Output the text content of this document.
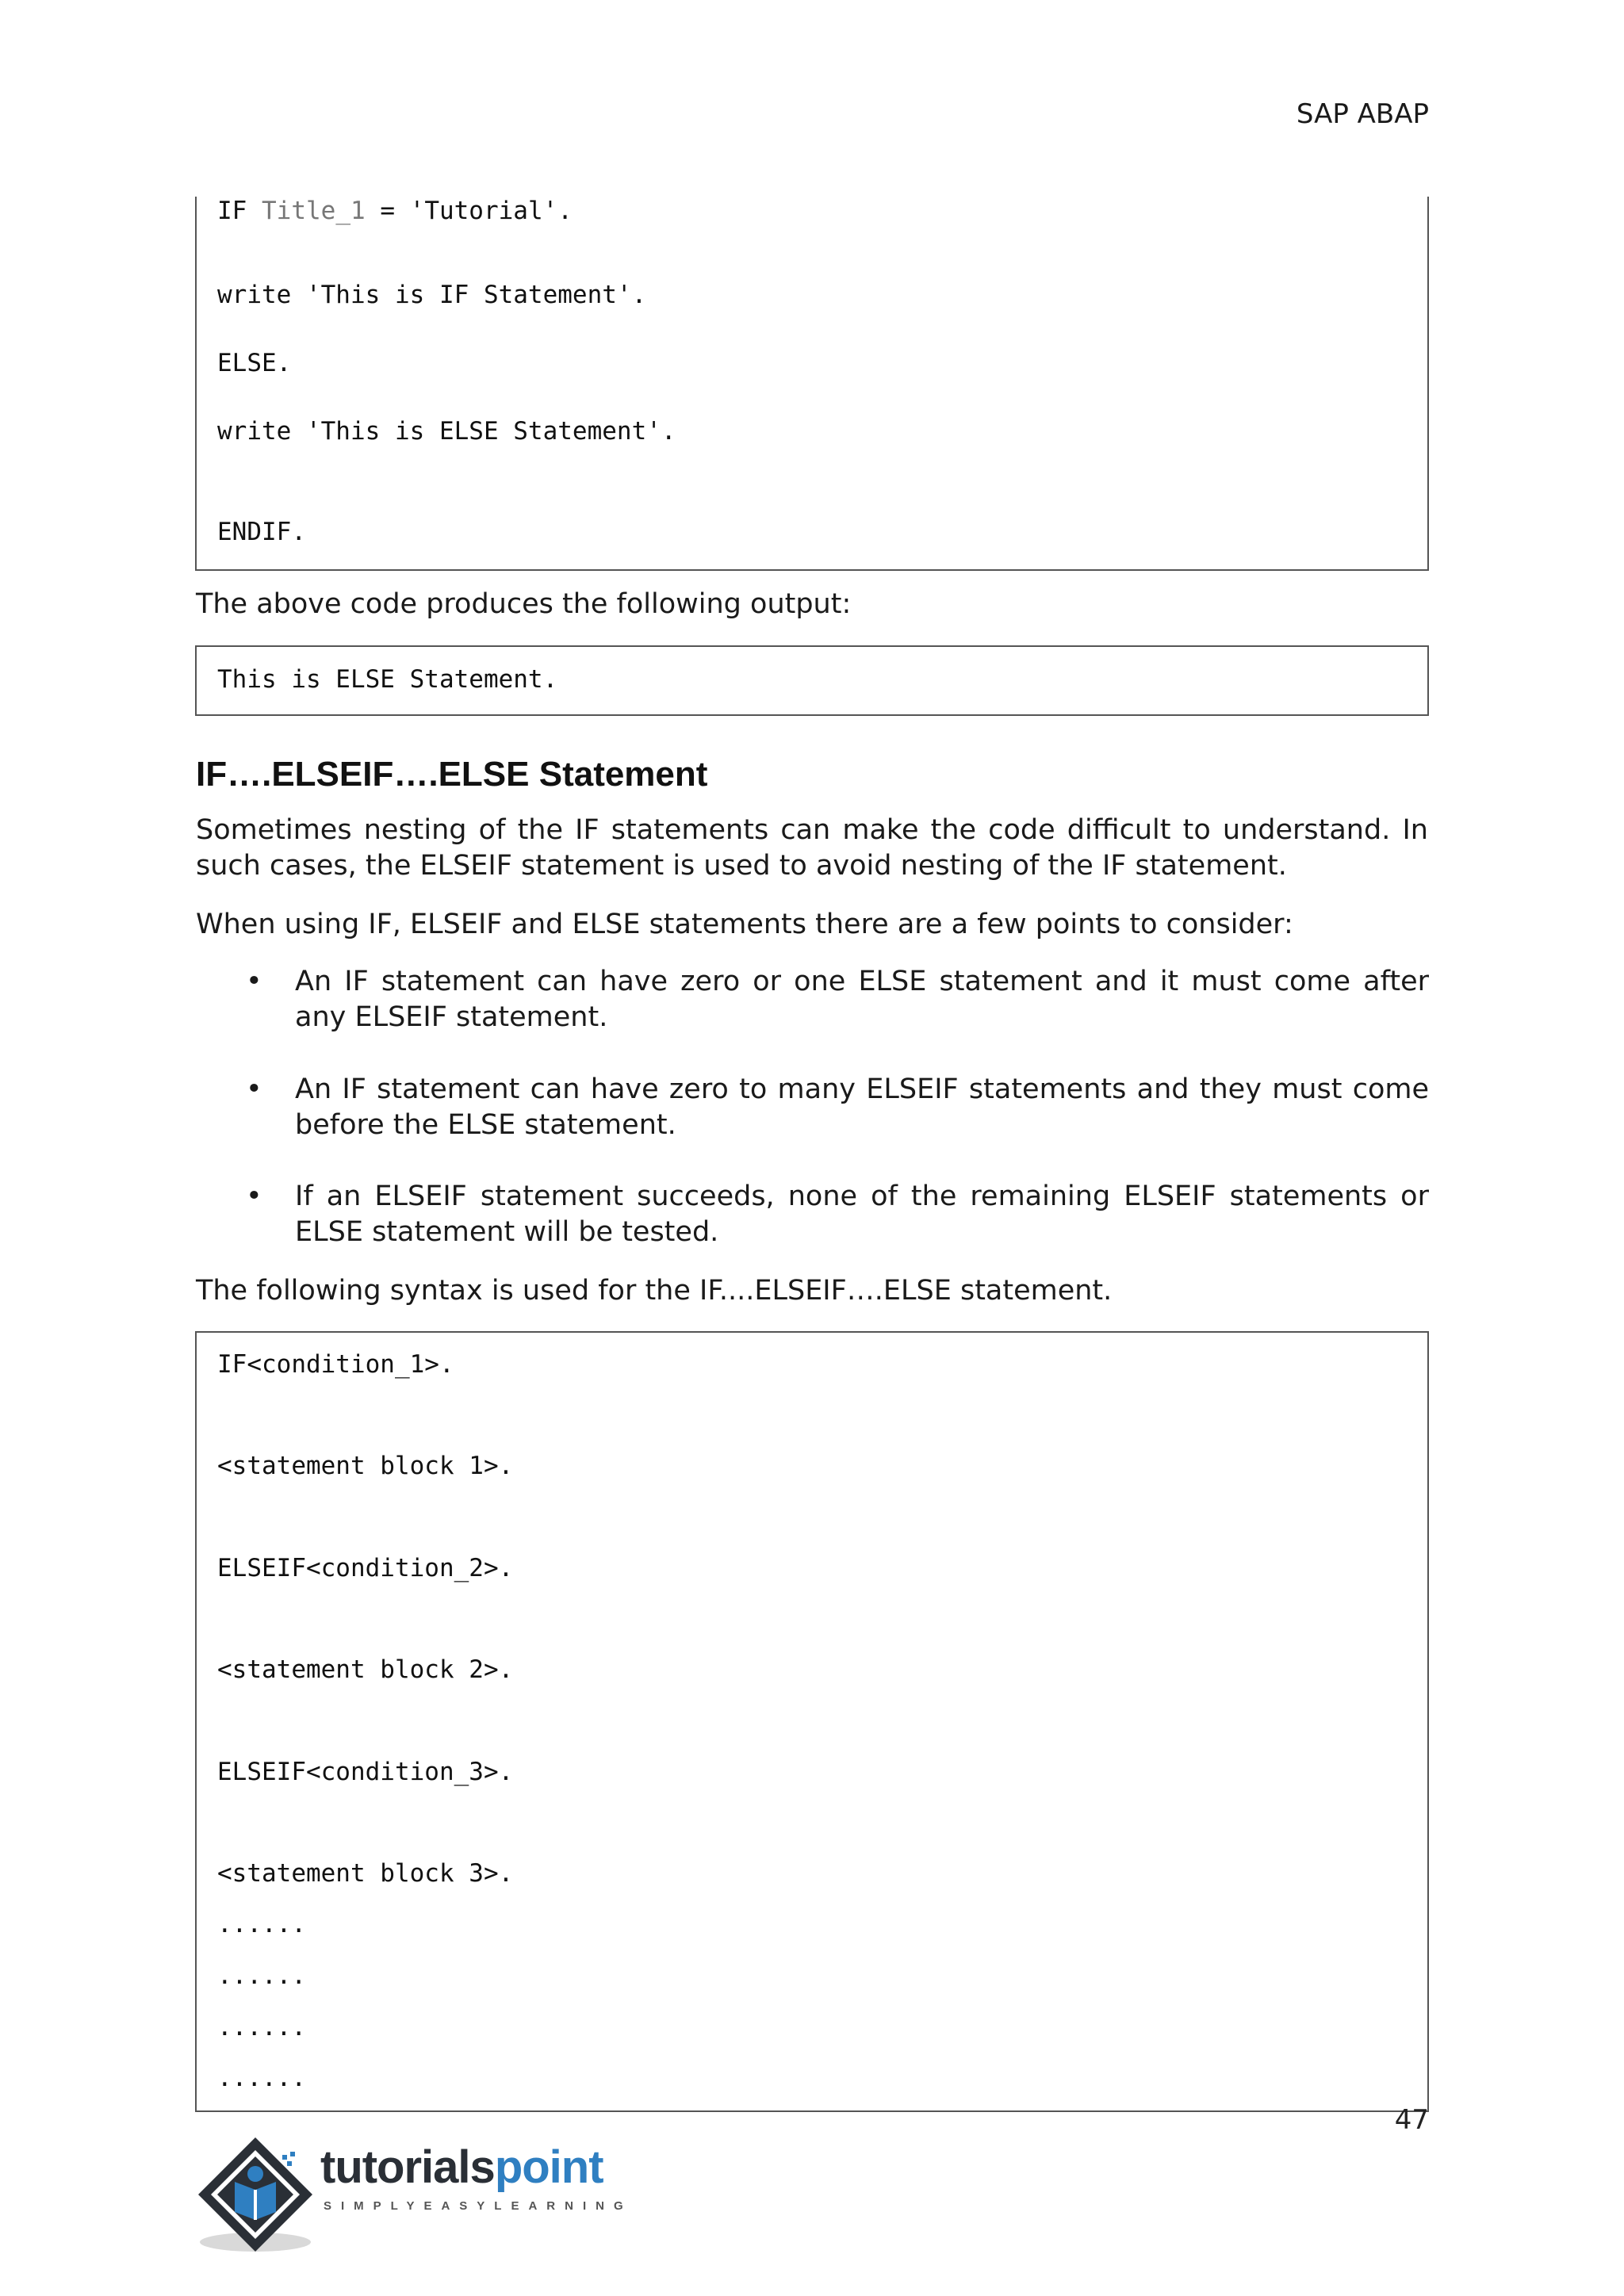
SAP ABAP
IF Title_1 = 'Tutorial'.
write 'This is IF Statement'.
ELSE.
write 'This is ELSE Statement'.
ENDIF.
The above code produces the following output:
This is ELSE Statement.
IF….ELSEIF….ELSE Statement
Sometimes nesting of the IF statements can make the code difficult to understand. In such cases, the ELSEIF statement is used to avoid nesting of the IF statement.
When using IF, ELSEIF and ELSE statements there are a few points to consider:
• An IF statement can have zero or one ELSE statement and it must come after any ELSEIF statement.
• An IF statement can have zero to many ELSEIF statements and they must come before the ELSE statement.
• If an ELSEIF statement succeeds, none of the remaining ELSEIF statements or ELSE statement will be tested.
The following syntax is used for the IF....ELSEIF….ELSE statement.
IF<condition_1>.
<statement block 1>.
ELSEIF<condition_2>.
<statement block 2>.
ELSEIF<condition_3>.
<statement block 3>.
......
......
......
......
47
tutorialspoint
SIMPLYEASYLEARNING
